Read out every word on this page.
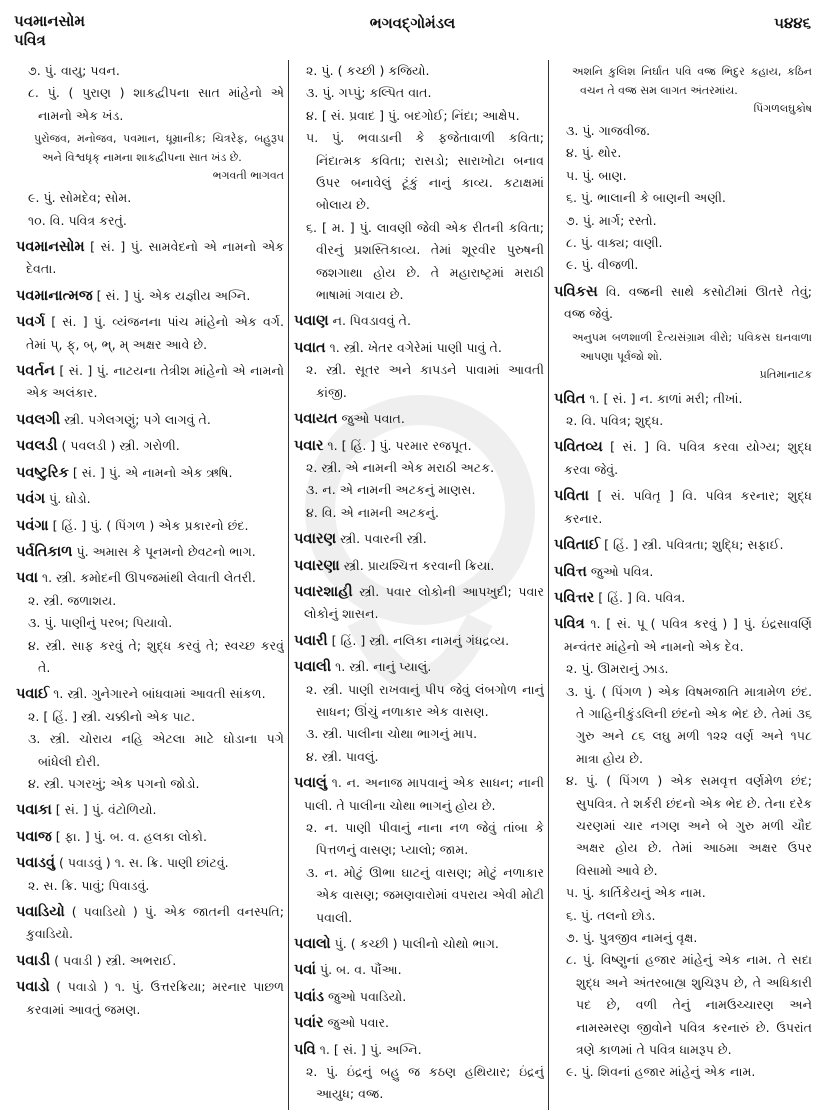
પવમાનસોમ
પવિત્ર
ભગવદ્ગોમંડલ	૫૪૪૬

૭. પું. વાયુ; પવન.

૮. પું. ( પુરાણ ) શાકદ્વીપના સાત માંહેનો એ નામનો એક ખંડ.

પુરોજવ, મનોજવ, પવમાન, ધૂમ્રાનીક; ચિત્રરેફ, બહુરૂપ અને વિશ્વધૃક્ નામના શાકદ્વીપના સાત ખંડ છે.
ભગવતી ભાગવત

૯. પું. સોમદેવ; સોમ.

૧૦. વિ. પવિત્ર કરતું.

પવમાનસોમ [ સં. ] પું. સામવેદનો એ નામનો એક દેવતા.

પવમાનાત્મજ [ સં. ] પું. એક યજ્ઞીય અગ્નિ.

પવર્ગ [ સં. ] પું. વ્યંજનના પાંચ માંહેનો એક વર્ગ. તેમાં પ્, ફ્, બ્, ભ્, મ્ અક્ષર આવે છે.

પવર્તન [ સં. ] પું. નાટયના તેત્રીશ માંહેનો એ નામનો એક અલંકાર.

પવલગી સ્ત્રી. પગેલગણું; પગે લાગવું તે.

પવલડી ( પવલડી ) સ્ત્રી. ગરોળી.

પવષ્ટુરિક [ સં. ] પું. એ નામનો એક ઋષિ.

પવંગ પું. ઘોડો.

પવંગા [ હિં. ] પું. ( પિંગળ ) એક પ્રકારનો છંદ.

પર્વતિકાળ પું. અમાસ કે પૂનમનો છેવટનો ભાગ.

પવા ૧. સ્ત્રી. કમોદની ઊપજમાંથી લેવાતી લેતરી.

૨. સ્ત્રી. જળાશય.

૩. પું. પાણીનું પરબ; પિયાવો.

૪. સ્ત્રી. સાફ કરવું તે; શુદ્ધ કરવું તે; સ્વચ્છ કરવું તે.

પવાઈ ૧. સ્ત્રી. ગુનેગારને બાંધવામાં આવતી સાંકળ.

૨. [ હિં. ] સ્ત્રી. ચક્કીનો એક પાટ.

૩. સ્ત્રી. ચોરાય નહિ એટલા માટે ઘોડાના પગે બાંધેલી દોરી.

૪. સ્ત્રી. પગરખું; એક પગનો જોડો.

પવાકા [ સં. ] પું. વંટોળિયો.

પવાજ [ ફા. ] પું. બ. વ. હલકા લોકો.

પવાડવું ( પવાડવું ) ૧. સ. ક્રિ. પાણી છાંટવું.

૨. સ. ક્રિ. પાવું; પિવાડવું.

પવાડિયો ( પવાડિયો ) પું. એક જાતની વનસ્પતિ; કુવાડિયો.

પવાડી ( પવાડી ) સ્ત્રી. અભરાઈ.

પવાડો ( પવાડો ) ૧. પું. ઉત્તરક્રિયા; મરનાર પાછળ કરવામાં આવતું જમણ.

૨. પું. ( કચ્છી ) કજિયો.

૩. પું. ગપ્પું; કલ્પિત વાત.

૪. [ સં. પ્રવાદ ] પું. બદગોઈ; નિંદા; આક્ષેપ.

૫. પું. ભવાડાની કે ફજેતાવાળી કવિતા; નિંદાત્મક કવિતા; રાસડો; સારાખોટા બનાવ ઉપર બનાવેલું ટૂંકું નાનું કાવ્ય. કટાક્ષમાં બોલાય છે.

૬. [ મ. ] પું. લાવણી જેવી એક રીતની કવિતા; વીરનું પ્રશસ્તિકાવ્ય. તેમાં શૂરવીર પુરુષની જશગાથા હોય છે. તે મહારાષ્ટ્રમાં મરાઠી ભાષામાં ગવાય છે.

પવાણ ન. પિવડાવવું તે.

પવાત ૧. સ્ત્રી. ખેતર વગેરેમાં પાણી પાવું તે.

૨. સ્ત્રી. સૂતર અને કાપડને પાવામાં આવતી કાંજી.

પવાયત જુઓ પવાત.

પવાર ૧. [ હિં. ] પું. પરમાર રજપૂત.

૨. સ્ત્રી. એ નામની એક મરાઠી અટક.

૩. ન. એ નામની અટકનું માણસ.

૪. વિ. એ નામની અટકનું.

પવારણ સ્ત્રી. પવારની સ્ત્રી.

પવારણા સ્ત્રી. પ્રાયશ્ચિત્ત કરવાની ક્રિયા.

પવારશાહી સ્ત્રી. પવાર લોકોની આપખુદી; પવાર લોકોનું શાસન.

પવારી [ હિં. ] સ્ત્રી. નલિકા નામનું ગંધદ્રવ્ય.

પવાલી ૧. સ્ત્રી. નાનું પ્યાલું.

૨. સ્ત્રી. પાણી રાખવાનું પીપ જેવું લંબગોળ નાનું સાધન; ઊંચું નળાકાર એક વાસણ.

૩. સ્ત્રી. પાલીના ચોથા ભાગનું માપ.

૪. સ્ત્રી. પાવલું.

પવાલું ૧. ન. અનાજ માપવાનું એક સાધન; નાની પાલી. તે પાલીના ચોથા ભાગનું હોય છે.

૨. ન. પાણી પીવાનું નાના નળ જેવું તાંબા કે પિત્તળનું વાસણ; પ્યાલો; જામ.

૩. ન. મોટું ઊભા ઘાટનું વાસણ; મોટું નળાકાર એક વાસણ; જમણવારોમાં વપરાય એવી મોટી પવાલી.

પવાલો પું. ( કચ્છી ) પાલીનો ચોથો ભાગ.

પવાં પું. બ. વ. પૌંઆ.

પવાંડ જુઓ પવાડિયો.

પવાંર જુઓ પવાર.

પવિ ૧. [ સં. ] પું. અગ્નિ.

૨. પું. ઇંદ્રનું બહુ જ કઠણ હથિયાર; ઇંદ્રનું આયુધ; વજ્ર.

અશનિ કુલિશ નિર્ઘાત પવિ વજ્ર ભિદુર કહાય, કઠિન વચન તે વજ્ર સમ લાગત અંતરમાંય.
પિંગળલઘુકોષ

૩. પું. ગાજવીજ.

૪. પું. થોર.

૫. પું. બાણ.

૬. પું. ભાલાની કે બાણની અણી.

૭. પું. માર્ગ; રસ્તો.

૮. પું. વાક્ય; વાણી.

૯. પું. વીજળી.

પવિકસ વિ. વજ્રની સાથે કસોટીમાં ઊતરે તેવું; વજ્ર જેવું.

અનુપમ બળશાળી દૈત્યસંગ્રામ વીરો; પવિકસ ઘનવાળા આપણા પૂર્વજો શો.
પ્રતિમાનાટક

પવિત ૧. [ સં. ] ન. કાળાં મરી; તીખાં.

૨. વિ. પવિત્ર; શુદ્ધ.

પવિતવ્ય [ સં. ] વિ. પવિત્ર કરવા યોગ્ય; શુદ્ધ કરવા જેવું.

પવિતા [ સં. પવિતૃ ] વિ. પવિત્ર કરનાર; શુદ્ધ કરનાર.

પવિતાઈ [ હિં. ] સ્ત્રી. પવિત્રતા; શુદ્ધિ; સફાઈ.

પવિત્ત જુઓ પવિત્ર.

પવિત્તર [ હિં. ] વિ. પવિત્ર.

પવિત્ર ૧. [ સં. પૂ ( પવિત્ર કરવું ) ] પું. ઇંદ્રસાવર્ણિ મન્વંતર માંહેનો એ નામનો એક દેવ.

૨. પું. ઊમરાનું ઝાડ.

૩. પું. ( પિંગળ ) એક વિષમજાતિ માત્રામેળ છંદ. તે ગાહિનીકુંડલિની છંદનો એક ભેદ છે. તેમાં ૩૬ ગુરુ અને ૮૬ લઘુ મળી ૧૨૨ વર્ણ અને ૧૫૮ માત્રા હોય છે.

૪. પું. ( પિંગળ ) એક સમવૃત્ત વર્ણમેળ છંદ; સુપવિત્ર. તે શર્કરી છંદનો એક ભેદ છે. તેના દરેક ચરણમાં ચાર નગણ અને બે ગુરુ મળી ચૌદ અક્ષર હોય છે. તેમાં આઠમા અક્ષર ઉપર વિસામો આવે છે.

૫. પું. કાર્તિકેયનું એક નામ.

૬. પું. તલનો છોડ.

૭. પું. પુત્રજીવ નામનું વૃક્ષ.

૮. પું. વિષ્ણુનાં હજાર માંહેનું એક નામ. તે સદા શુદ્ધ અને અંતરબાહ્ય શુચિરૂપ છે, તે અધિકારી પદ છે, વળી તેનું નામઉચ્ચારણ અને નામસ્મરણ જીવોને પવિત્ર કરનારું છે. ઉપરાંત ત્રણે કાળમાં તે પવિત્ર ધામરૂપ છે.

૯. પું. શિવનાં હજાર માંહેનું એક નામ.
